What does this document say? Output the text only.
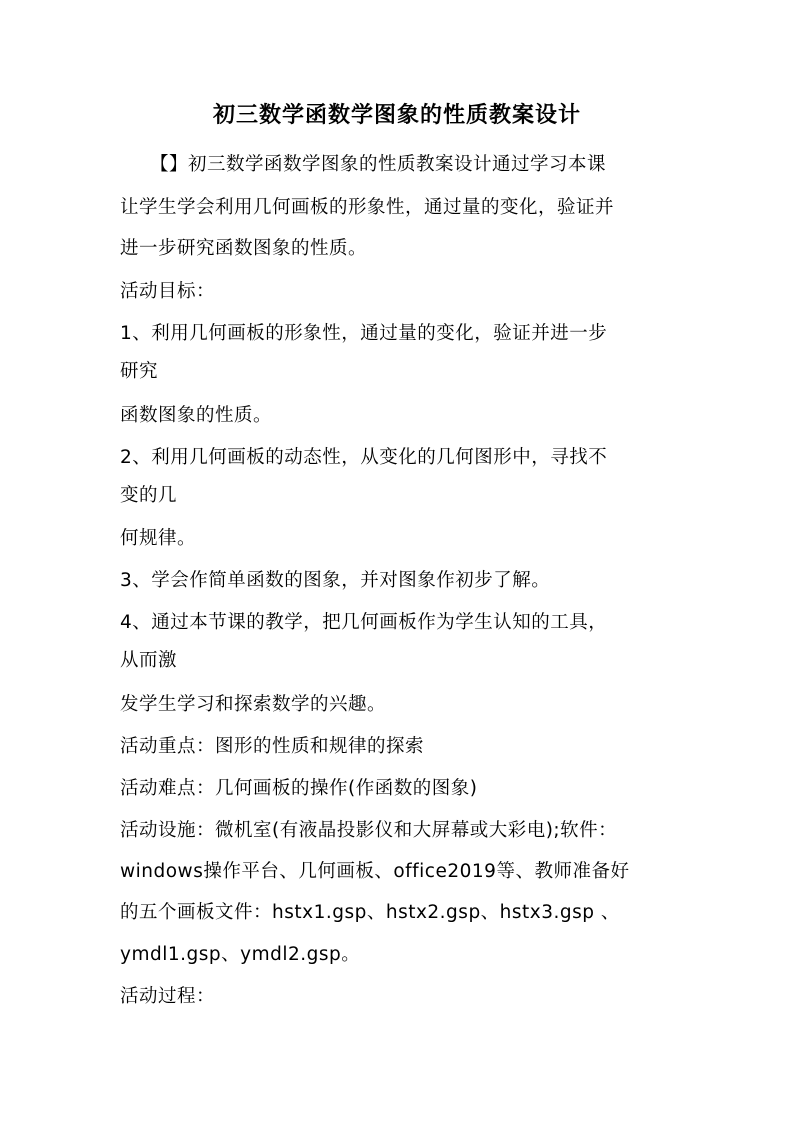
初三数学函数学图象的性质教案设计
【】初三数学函数学图象的性质教案设计通过学习本课
让学生学会利用几何画板的形象性，通过量的变化，验证并
进一步研究函数图象的性质。
活动目标：
1、利用几何画板的形象性，通过量的变化，验证并进一步
研究
函数图象的性质。
2、利用几何画板的动态性，从变化的几何图形中，寻找不
变的几
何规律。
3、学会作简单函数的图象，并对图象作初步了解。
4、通过本节课的教学，把几何画板作为学生认知的工具，
从而激
发学生学习和探索数学的兴趣。
活动重点：图形的性质和规律的探索
活动难点：几何画板的操作(作函数的图象)
活动设施：微机室(有液晶投影仪和大屏幕或大彩电);软件：
windows操作平台、几何画板、office2019等、教师准备好
的五个画板文件：hstx1.gsp、hstx2.gsp、hstx3.gsp 、
ymdl1.gsp、ymdl2.gsp。
活动过程：
